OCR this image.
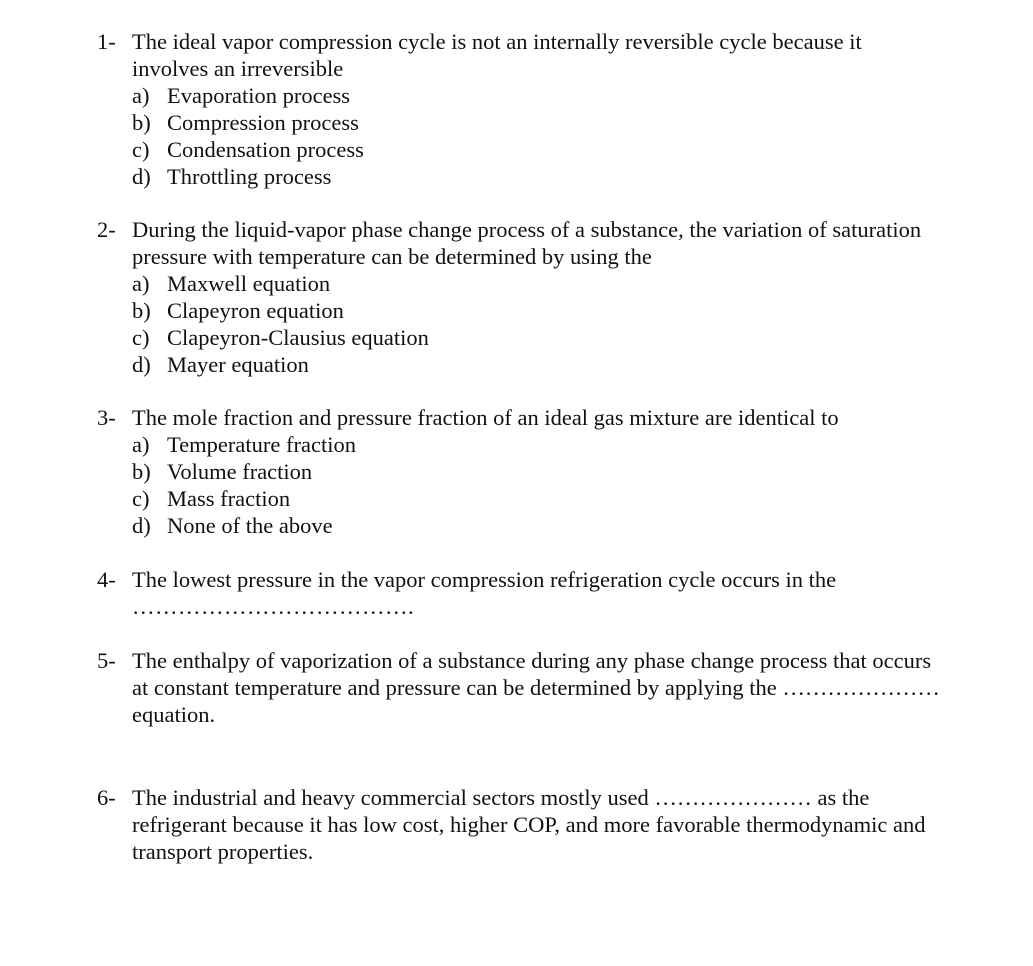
1- The ideal vapor compression cycle is not an internally reversible cycle because it
involves an irreversible
a) Evaporation process
b) Compression process
c) Condensation process
d) Throttling process
2- During the liquid-vapor phase change process of a substance, the variation of saturation
pressure with temperature can be determined by using the
a) Maxwell equation
b) Clapeyron equation
c) Clapeyron-Clausius equation
d) Mayer equation
3- The mole fraction and pressure fraction of an ideal gas mixture are identical to
a) Temperature fraction
b) Volume fraction
c) Mass fraction
d) None of the above
4- The lowest pressure in the vapor compression refrigeration cycle occurs in the
……………………………….
5- The enthalpy of vaporization of a substance during any phase change process that occurs
at constant temperature and pressure can be determined by applying the …………………
equation.
6- The industrial and heavy commercial sectors mostly used ………………… as the
refrigerant because it has low cost, higher COP, and more favorable thermodynamic and
transport properties.
